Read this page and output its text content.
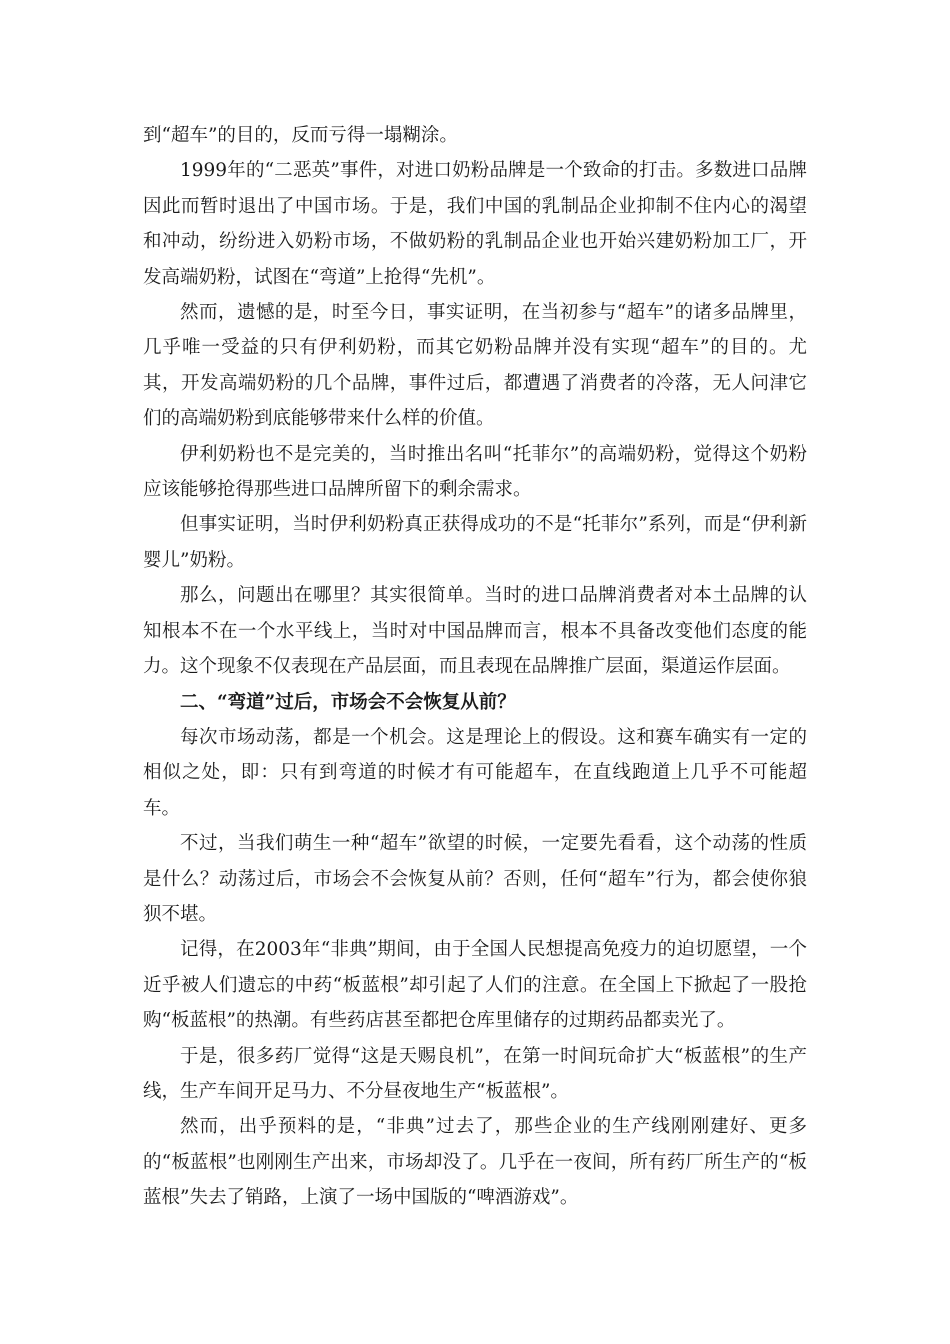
到“超车”的目的，反而亏得一塌糊涂。

1999年的“二恶英”事件，对进口奶粉品牌是一个致命的打击。多数进口品牌因此而暂时退出了中国市场。于是，我们中国的乳制品企业抑制不住内心的渴望和冲动，纷纷进入奶粉市场，不做奶粉的乳制品企业也开始兴建奶粉加工厂，开发高端奶粉，试图在“弯道”上抢得“先机”。

然而，遗憾的是，时至今日，事实证明，在当初参与“超车”的诸多品牌里，几乎唯一受益的只有伊利奶粉，而其它奶粉品牌并没有实现“超车”的目的。尤其，开发高端奶粉的几个品牌，事件过后，都遭遇了消费者的冷落，无人问津它们的高端奶粉到底能够带来什么样的价值。

伊利奶粉也不是完美的，当时推出名叫“托菲尔”的高端奶粉，觉得这个奶粉应该能够抢得那些进口品牌所留下的剩余需求。

但事实证明，当时伊利奶粉真正获得成功的不是“托菲尔”系列，而是“伊利新婴儿”奶粉。

那么，问题出在哪里？其实很简单。当时的进口品牌消费者对本土品牌的认知根本不在一个水平线上，当时对中国品牌而言，根本不具备改变他们态度的能力。这个现象不仅表现在产品层面，而且表现在品牌推广层面，渠道运作层面。

二、“弯道”过后，市场会不会恢复从前？

每次市场动荡，都是一个机会。这是理论上的假设。这和赛车确实有一定的相似之处，即：只有到弯道的时候才有可能超车，在直线跑道上几乎不可能超车。

不过，当我们萌生一种“超车”欲望的时候，一定要先看看，这个动荡的性质是什么？动荡过后，市场会不会恢复从前？否则，任何“超车”行为，都会使你狼狈不堪。

记得，在2003年“非典”期间，由于全国人民想提高免疫力的迫切愿望，一个近乎被人们遗忘的中药“板蓝根”却引起了人们的注意。在全国上下掀起了一股抢购“板蓝根”的热潮。有些药店甚至都把仓库里储存的过期药品都卖光了。

于是，很多药厂觉得“这是天赐良机”，在第一时间玩命扩大“板蓝根”的生产线，生产车间开足马力、不分昼夜地生产“板蓝根”。

然而，出乎预料的是，“非典”过去了，那些企业的生产线刚刚建好、更多的“板蓝根”也刚刚生产出来，市场却没了。几乎在一夜间，所有药厂所生产的“板蓝根”失去了销路，上演了一场中国版的“啤酒游戏”。
